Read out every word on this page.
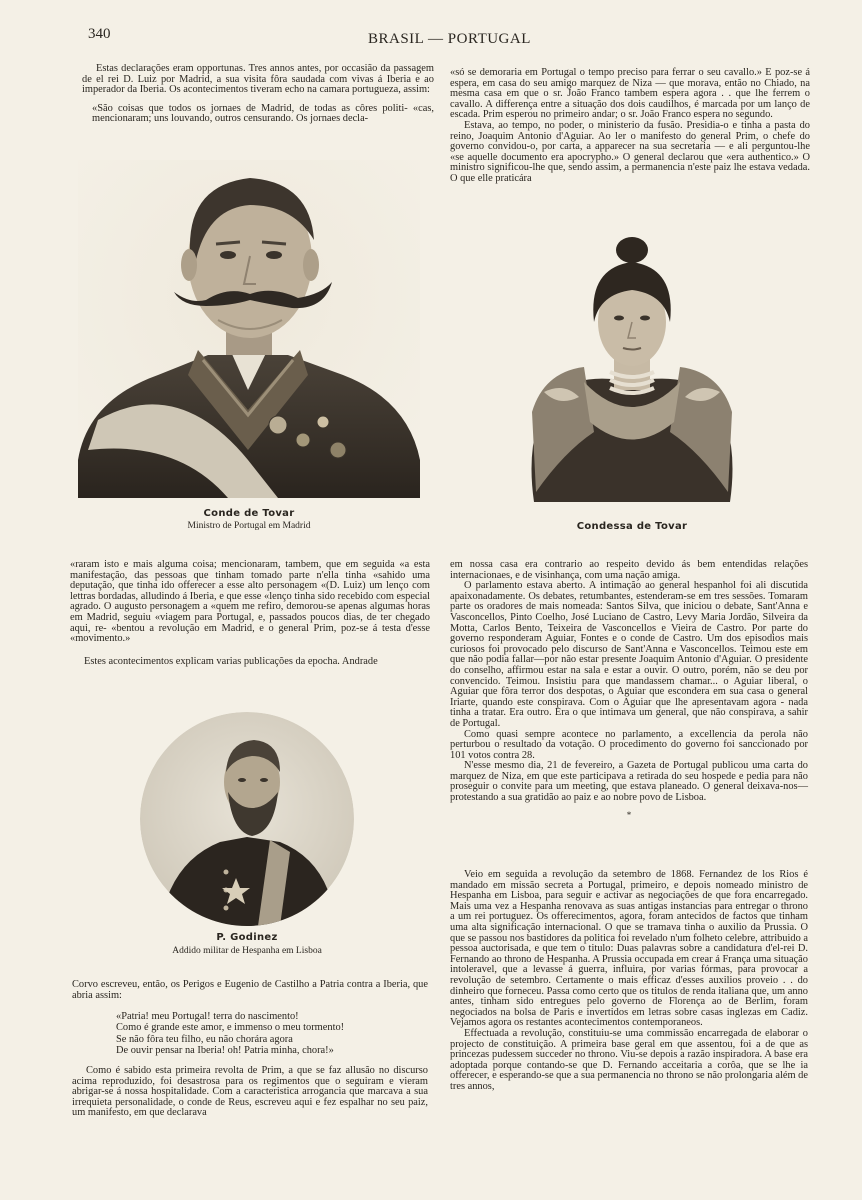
340	BRASIL — PORTUGAL

Estas declarações eram opportunas. Tres annos antes, por occasião da passagem de el rei D. Luiz por Madrid, a sua visita fôra saudada com vivas á Iberia e ao imperador da Iberia. Os acontecimentos tiveram echo na camara portugueza, assim:

«São coisas que todos os jornaes de Madrid, de todas as côres politi- «cas, mencionaram; uns louvando, outros censurando. Os jornaes decla-

«só se demoraria em Portugal o tempo preciso para ferrar o seu cavallo.» E poz-se á espera, em casa do seu amigo marquez de Niza — que morava, então no Chiado, na mesma casa em que o sr. João Franco tambem espera agora . . que lhe ferrem o cavallo. A differença entre a situação dos dois caudilhos, é marcada por um lanço de escada. Prim esperou no primeiro andar; o sr. João Franco espera no segundo.

Estava, ao tempo, no poder, o ministerio da fusão. Presidia-o e tinha a pasta do reino, Joaquim Antonio d'Aguiar. Ao ler o manifesto do general Prim, o chefe do governo convidou-o, por carta, a apparecer na sua secretaria — e ali perguntou-lhe «se aquelle documento era apocrypho.» O general declarou que «era authentico.» O ministro significou-lhe que, sendo assim, a permanencia n'este paiz lhe estava vedada. O que elle praticára

Conde de Tovar
Ministro de Portugal em Madrid	Condessa de Tovar

«raram isto e mais alguma coisa; mencionaram, tambem, que em seguida «a esta manifestação, das pessoas que tinham tomado parte n'ella tinha «sahido uma deputação, que tinha ido offerecer a esse alto personagem «(D. Luiz) um lenço com lettras bordadas, alludindo á Iberia, e que esse «lenço tinha sido recebido com especial agrado. O augusto personagem a «quem me refiro, demorou-se apenas algumas horas em Madrid, seguiu «viagem para Portugal, e, passados poucos dias, de ter chegado aqui, re- «bentou a revolução em Madrid, e o general Prim, poz-se á testa d'esse «movimento.»

Estes acontecimentos explicam varias publicações da epocha. Andrade

P. Godinez
Addido militar de Hespanha em Lisboa

Corvo escreveu, então, os Perigos e Eugenio de Castilho a Patria contra a Iberia, que abria assim:

«Patria! meu Portugal! terra do nascimento!
Como é grande este amor, e immenso o meu tormento!
Se não fôra teu filho, eu não chorára agora
De ouvir pensar na Iberia! oh! Patria minha, chora!»

Como é sabido esta primeira revolta de Prim, a que se faz allusão no discurso acima reproduzido, foi desastrosa para os regimentos que o seguiram e vieram abrigar-se á nossa hospitalidade. Com a caracteristica arrogancia que marcava a sua irrequieta personalidade, o conde de Reus, escreveu aqui e fez espalhar no seu paiz, um manifesto, em que declarava

em nossa casa era contrario ao respeito devido ás bem entendidas relações internacionaes, e de visinhança, com uma nação amiga.

O parlamento estava aberto. A intimação ao general hespanhol foi ali discutida apaixonadamente. Os debates, retumbantes, estenderam-se em tres sessões. Tomaram parte os oradores de mais nomeada: Santos Silva, que iniciou o debate, Sant'Anna e Vasconcellos, Pinto Coelho, José Luciano de Castro, Levy Maria Jordão, Silveira da Motta, Carlos Bento, Teixeira de Vasconcellos e Vieira de Castro. Por parte do governo responderam Aguiar, Fontes e o conde de Castro. Um dos episodios mais curiosos foi provocado pelo discurso de Sant'Anna e Vasconcellos. Teimou este em que não podia fallar—por não estar presente Joaquim Antonio d'Aguiar. O presidente do conselho, affirmou estar na sala e estar a ouvir. O outro, porém, não se deu por convencido. Teimou. Insistiu para que mandassem chamar... o Aguiar liberal, o Aguiar que fôra terror dos despotas, o Aguiar que escondera em sua casa o general Iriarte, quando este conspirava. Com o Aguiar que lhe apresentavam agora - nada tinha a tratar. Era outro. Era o que intimava um general, que não conspirava, a sahir de Portugal.

Como quasi sempre acontece no parlamento, a excellencia da perola não perturbou o resultado da votação. O procedimento do governo foi sanccionado por 101 votos contra 28.

N'esse mesmo dia, 21 de fevereiro, a Gazeta de Portugal publicou uma carta do marquez de Niza, em que este participava a retirada do seu hospede e pedia para não proseguir o convite para um meeting, que estava planeado. O general deixava-nos—protestando a sua gratidão ao paiz e ao nobre povo de Lisboa.

*

Veio em seguida a revolução da setembro de 1868. Fernandez de los Rios é mandado em missão secreta a Portugal, primeiro, e depois nomeado ministro de Hespanha em Lisboa, para seguir e activar as negociações de que fora encarregado. Mais uma vez a Hespanha renovava as suas antigas instancias para entregar o throno a um rei portuguez. Os offerecimentos, agora, foram antecidos de factos que tinham uma alta significação internacional. O que se tramava tinha o auxilio da Prussia. O que se passou nos bastidores da politica foi revelado n'um folheto celebre, attribuido a pessoa auctorisada, e que tem o titulo: Duas palavras sobre a candidatura d'el-rei D. Fernando ao throno de Hespanha. A Prussia occupada em crear á França uma situação intoleravel, que a levasse á guerra, influira, por varias fórmas, para provocar a revolução de setembro. Certamente o mais efficaz d'esses auxilios proveio . . do dinheiro que forneceu. Passa como certo que os titulos de renda italiana que, um anno antes, tinham sido entregues pelo governo de Florença ao de Berlim, foram negociados na bolsa de Paris e invertidos em letras sobre casas inglezas em Cadiz. Vejamos agora os restantes acontecimentos contemporaneos.

Effectuada a revolução, constituiu-se uma commissão encarregada de elaborar o projecto de constituição. A primeira base geral em que assentou, foi a de que as princezas pudessem succeder no throno. Viu-se depois a razão inspiradora. A base era adoptada porque contando-se que D. Fernando acceitaria a corôa, que se lhe ia offerecer, e esperando-se que a sua permanencia no throno se não prolongaria além de tres annos,
